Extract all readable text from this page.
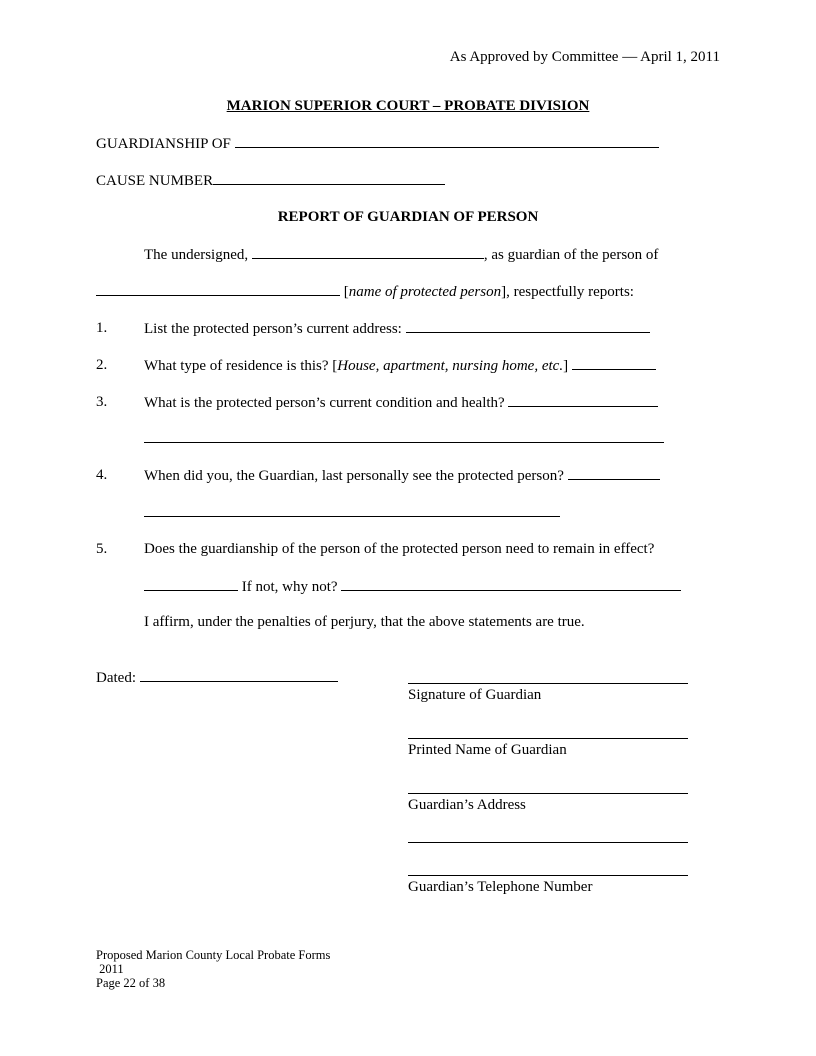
As Approved by Committee — April 1, 2011
MARION SUPERIOR COURT – PROBATE DIVISION
GUARDIANSHIP OF
CAUSE NUMBER
REPORT OF GUARDIAN OF PERSON
The undersigned,	, as guardian of the person of
[name of protected person], respectfully reports:
1. List the protected person’s current address:
2. What type of residence is this? [House, apartment, nursing home, etc.]
3. What is the protected person’s current condition and health?
4. When did you, the Guardian, last personally see the protected person?
5. Does the guardianship of the person of the protected person need to remain in effect?
If not, why not?
I affirm, under the penalties of perjury, that the above statements are true.
Dated:
Signature of Guardian
Printed Name of Guardian
Guardian’s Address
Guardian’s Telephone Number
Proposed Marion County Local Probate Forms
2011
Page 22 of 38
